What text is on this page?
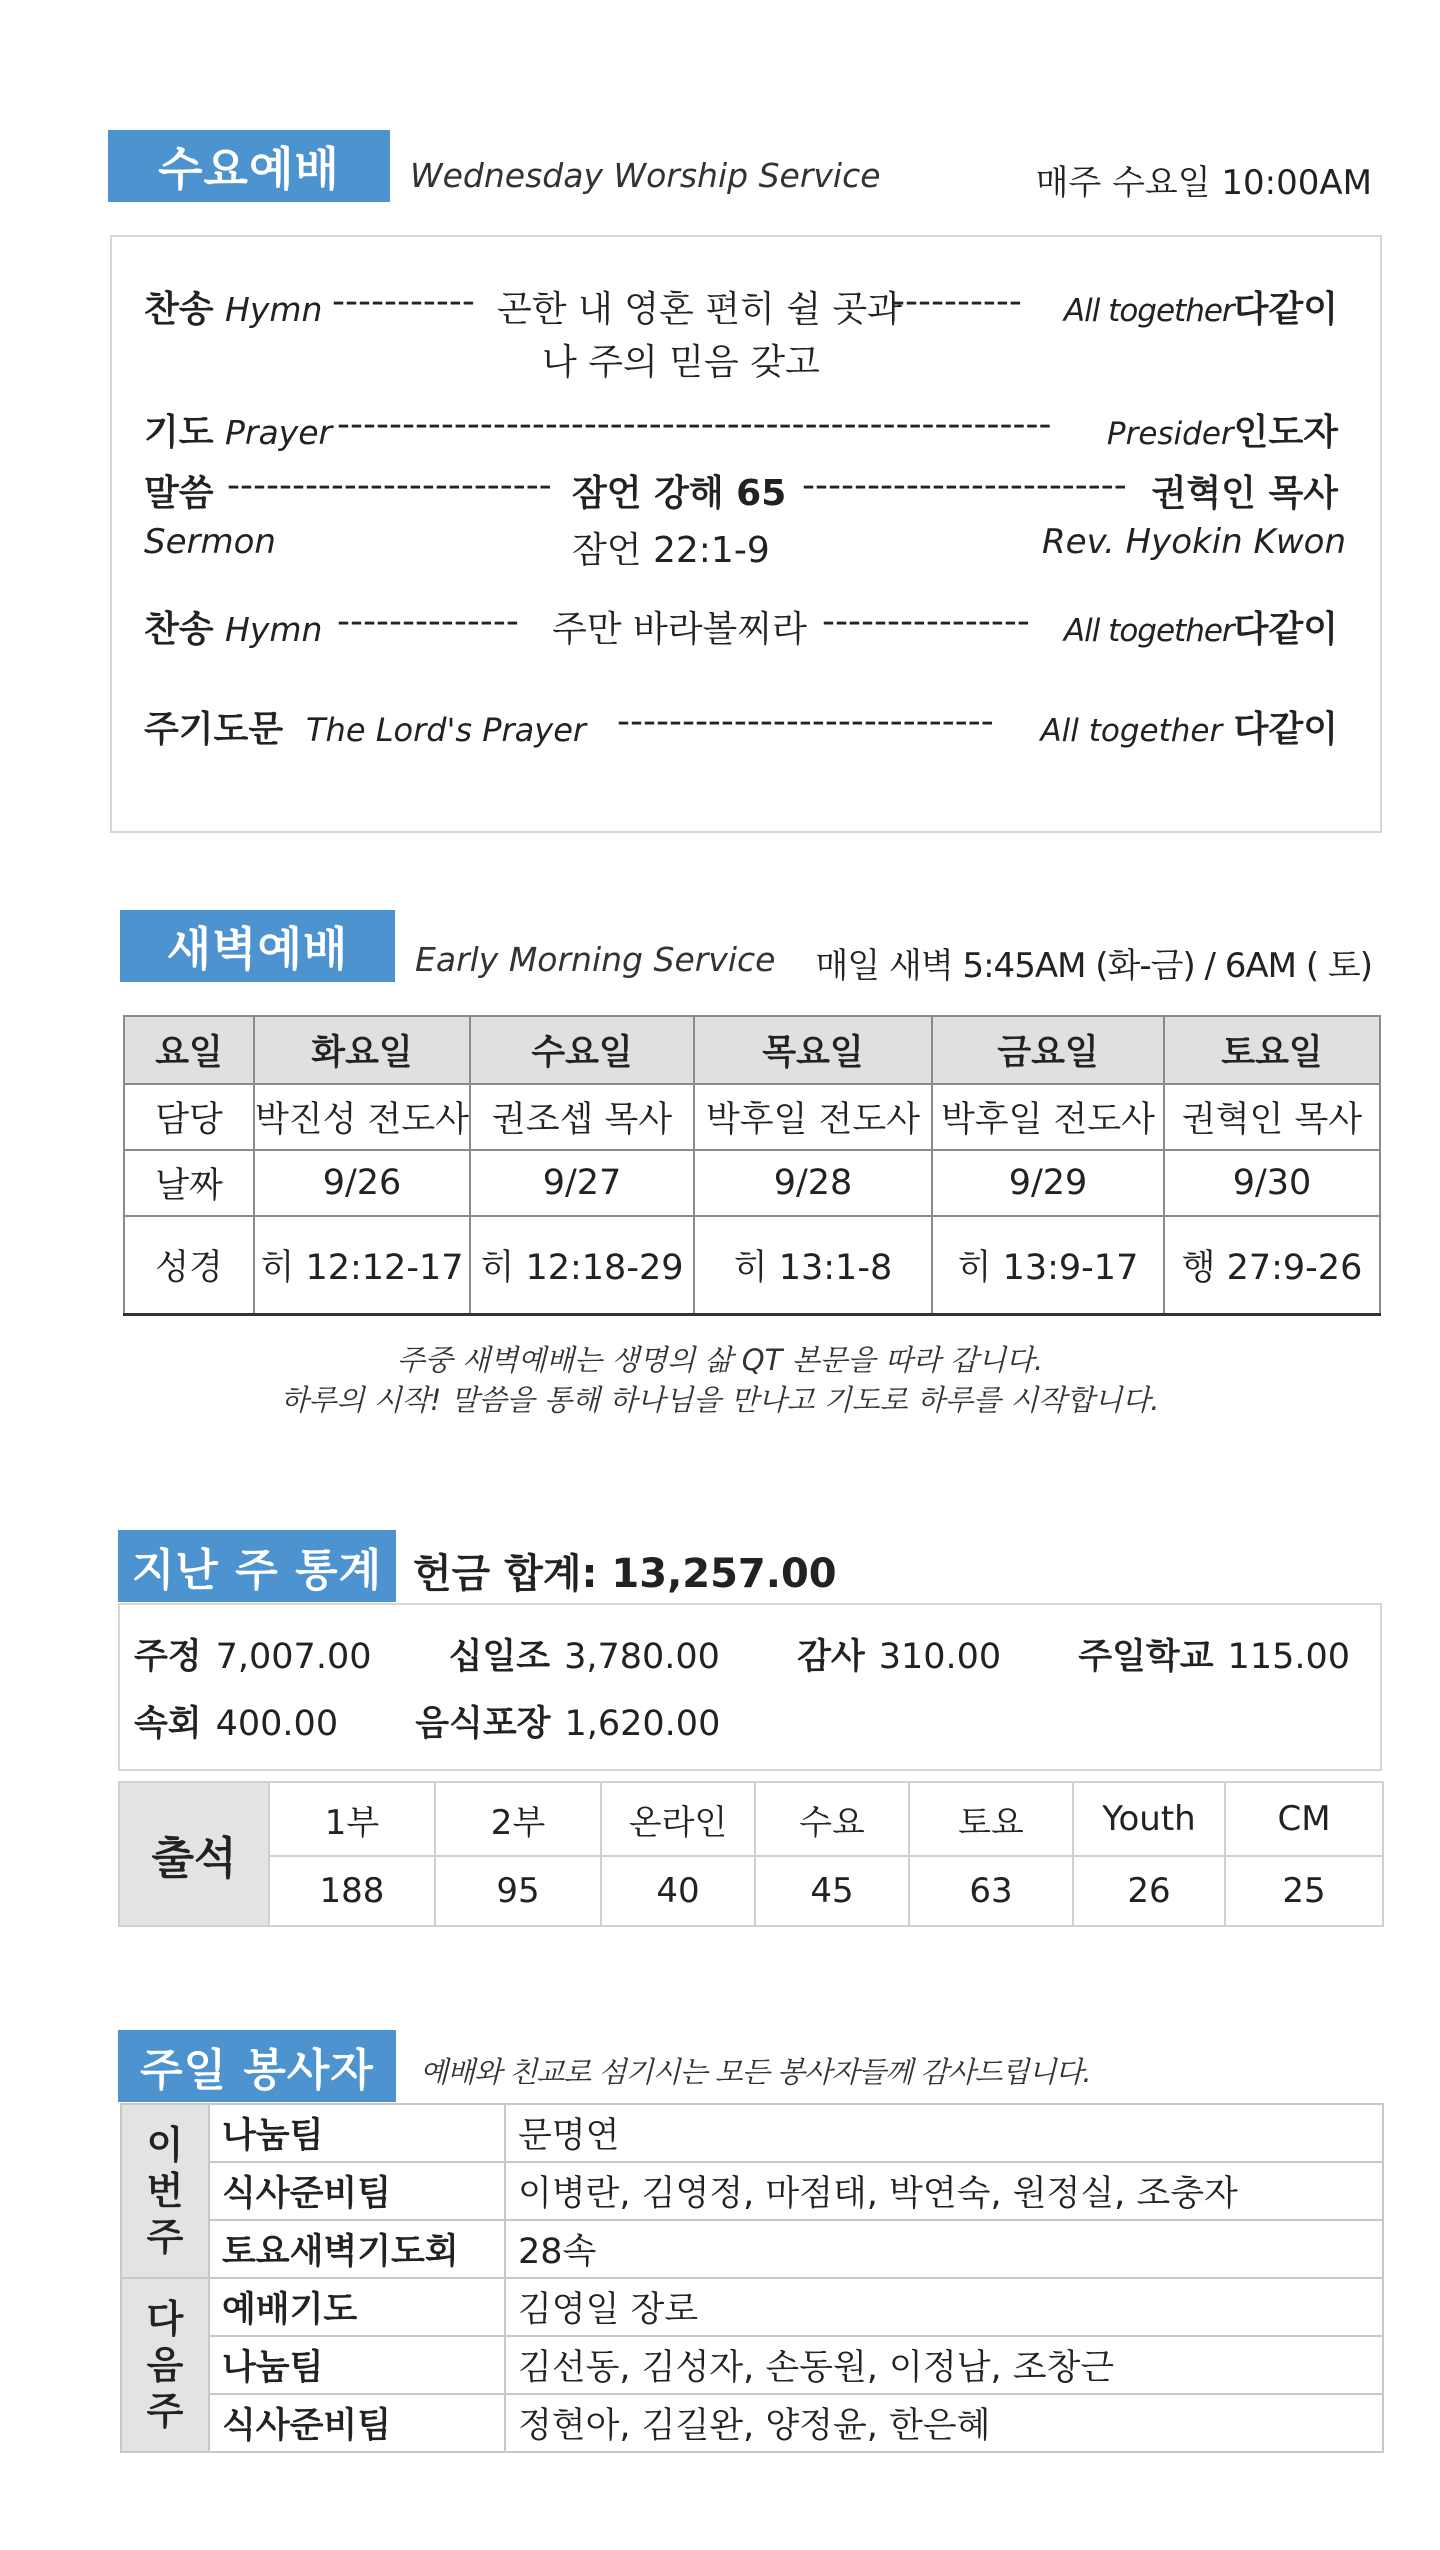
수요예배	Wednesday Worship Service	매주 수요일 10:00AM
찬송
Hymn ----------- 곤한 내 영혼 편히 쉴 곳과
----------	All together 다같이
나 주의 믿음 갖고
기도
Prayer -------------------------------------------------------	Presider 인도자
말씀 ------------------------- 잠언 강해 65 ------------------------- 권혁인 목사
Sermon	잠언 22:1-9	Rev. Hyokin Kwon
찬송
Hymn -------------- 주만 바라볼찌라 ---------------- All together 다같이
주기도문
The Lord's Prayer -----------------------------	All together
다같이
새벽예배	Early Morning Service 매일 새벽 5:45AM (화-금) / 6AM ( 토)
요일	화요일	수요일	목요일	금요일	토요일
담당	박진성 전도사	권조셉 목사	박후일 전도사	박후일 전도사	권혁인 목사
날짜	9/26	9/27	9/28	9/29	9/30
성경	히 12:12-17	히 12:18-29	히 13:1-8	히 13:9-17	행 27:9-26
주중 새벽예배는 생명의 삶 QT 본문을 따라 갑니다.
하루의 시작! 말씀을 통해 하나님을 만나고 기도로 하루를 시작합니다.
지난 주 통계 헌금 합계: 13,257.00
주정 7,007.00 십일조 3,780.00 감사 310.00 주일학교 115.00
속회 400.00 음식포장 1,620.00
출석	1부	2부	온라인	수요	토요	Youth	CM
	188	95	40	45	63	26	25
주일 봉사자	예배와 친교로 섬기시는 모든 봉사자들께 감사드립니다.
이
번
주	나눔팀	문명연
	식사준비팀	이병란, 김영정, 마점태, 박연숙, 원정실, 조충자
	토요새벽기도회	28속
다
음
주	예배기도	김영일 장로
	나눔팀	김선동, 김성자, 손동원, 이정남, 조창근
	식사준비팀	정현아, 김길완, 양정윤, 한은혜
